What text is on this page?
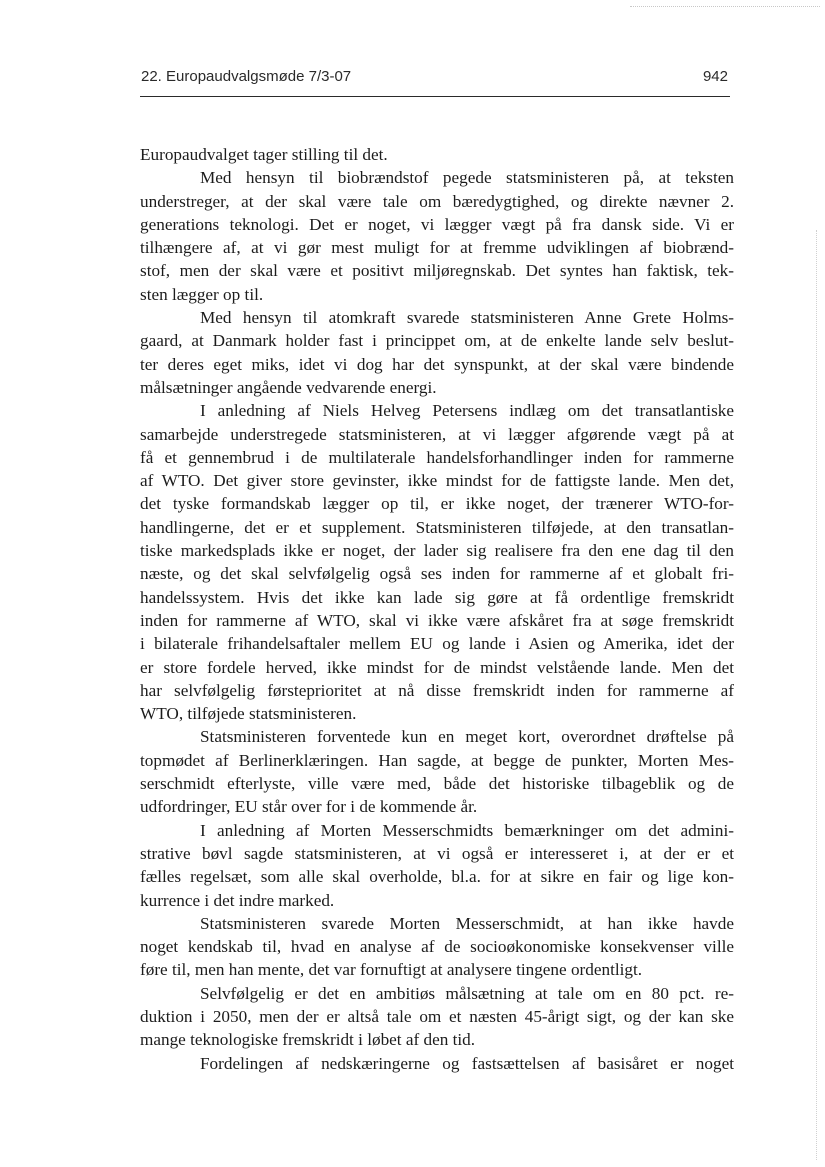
22. Europaudvalgsmøde 7/3-07	942
Europaudvalget tager stilling til det.
Med hensyn til biobrændstof pegede statsministeren på, at teksten
understreger, at der skal være tale om bæredygtighed, og direkte nævner 2.
generations teknologi. Det er noget, vi lægger vægt på fra dansk side. Vi er
tilhængere af, at vi gør mest muligt for at fremme udviklingen af biobrænd-
stof, men der skal være et positivt miljøregnskab. Det syntes han faktisk, tek-
sten lægger op til.
Med hensyn til atomkraft svarede statsministeren Anne Grete Holms-
gaard, at Danmark holder fast i princippet om, at de enkelte lande selv beslut-
ter deres eget miks, idet vi dog har det synspunkt, at der skal være bindende
målsætninger angående vedvarende energi.
I anledning af Niels Helveg Petersens indlæg om det transatlantiske
samarbejde understregede statsministeren, at vi lægger afgørende vægt på at
få et gennembrud i de multilaterale handelsforhandlinger inden for rammerne
af WTO. Det giver store gevinster, ikke mindst for de fattigste lande. Men det,
det tyske formandskab lægger op til, er ikke noget, der trænerer WTO-for-
handlingerne, det er et supplement. Statsministeren tilføjede, at den transatlan-
tiske markedsplads ikke er noget, der lader sig realisere fra den ene dag til den
næste, og det skal selvfølgelig også ses inden for rammerne af et globalt fri-
handelssystem. Hvis det ikke kan lade sig gøre at få ordentlige fremskridt
inden for rammerne af WTO, skal vi ikke være afskåret fra at søge fremskridt
i bilaterale frihandelsaftaler mellem EU og lande i Asien og Amerika, idet der
er store fordele herved, ikke mindst for de mindst velstående lande. Men det
har selvfølgelig førsteprioritet at nå disse fremskridt inden for rammerne af
WTO, tilføjede statsministeren.
Statsministeren forventede kun en meget kort, overordnet drøftelse på
topmødet af Berlinerklæringen. Han sagde, at begge de punkter, Morten Mes-
serschmidt efterlyste, ville være med, både det historiske tilbageblik og de
udfordringer, EU står over for i de kommende år.
I anledning af Morten Messerschmidts bemærkninger om det admini-
strative bøvl sagde statsministeren, at vi også er interesseret i, at der er et
fælles regelsæt, som alle skal overholde, bl.a. for at sikre en fair og lige kon-
kurrence i det indre marked.
Statsministeren svarede Morten Messerschmidt, at han ikke havde
noget kendskab til, hvad en analyse af de socioøkonomiske konsekvenser ville
føre til, men han mente, det var fornuftigt at analysere tingene ordentligt.
Selvfølgelig er det en ambitiøs målsætning at tale om en 80 pct. re-
duktion i 2050, men der er altså tale om et næsten 45-årigt sigt, og der kan ske
mange teknologiske fremskridt i løbet af den tid.
Fordelingen af nedskæringerne og fastsættelsen af basisåret er noget
